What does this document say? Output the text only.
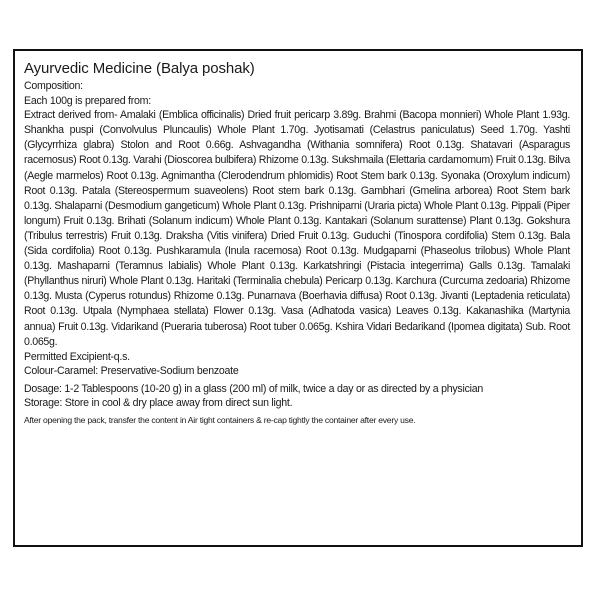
Ayurvedic Medicine (Balya poshak)
Composition:
Each 100g is prepared from:

Extract derived from- Amalaki (Emblica officinalis) Dried fruit pericarp 3.89g. Brahmi (Bacopa monnieri) Whole Plant 1.93g. Shankha puspi (Convolvulus Pluncaulis) Whole Plant 1.70g. Jyotisamati (Celastrus paniculatus) Seed 1.70g. Yashti (Glycyrrhiza glabra) Stolon and Root 0.66g. Ashvagandha (Withania somnifera) Root 0.13g. Shatavari (Asparagus racemosus) Root 0.13g. Varahi (Dioscorea bulbifera) Rhizome 0.13g. Sukshmaila (Elettaria cardamomum) Fruit 0.13g. Bilva (Aegle marmelos) Root 0.13g. Agnimantha (Clerodendrum phlomidis) Root Stem bark 0.13g. Syonaka (Oroxylum indicum) Root 0.13g. Patala (Stereospermum suaveolens) Root stem bark 0.13g. Gambhari (Gmelina arborea) Root Stem bark 0.13g. Shalaparni (Desmodium gangeticum) Whole Plant 0.13g. Prishniparni (Uraria picta) Whole Plant 0.13g. Pippali (Piper longum) Fruit 0.13g. Brihati (Solanum indicum) Whole Plant 0.13g. Kantakari (Solanum surattense) Plant 0.13g. Gokshura (Tribulus terrestris) Fruit 0.13g. Draksha (Vitis vinifera) Dried Fruit 0.13g. Guduchi (Tinospora cordifolia) Stem 0.13g. Bala (Sida cordifolia) Root 0.13g. Pushkaramula (Inula racemosa) Root 0.13g. Mudgaparni (Phaseolus trilobus) Whole Plant 0.13g. Mashaparni (Teramnus labialis) Whole Plant 0.13g. Karkatshringi (Pistacia integerrima) Galls 0.13g. Tamalaki (Phyllanthus niruri) Whole Plant 0.13g. Haritaki (Terminalia chebula) Pericarp 0.13g. Karchura (Curcuma zedoaria) Rhizome 0.13g. Musta (Cyperus rotundus) Rhizome 0.13g. Punarnava (Boerhavia diffusa) Root 0.13g. Jivanti (Leptadenia reticulata) Root 0.13g. Utpala (Nymphaea stellata) Flower 0.13g. Vasa (Adhatoda vasica) Leaves 0.13g. Kakanashika (Martynia annua) Fruit 0.13g. Vidarikand (Pueraria tuberosa) Root tuber 0.065g. Kshira Vidari Bedarikand (Ipomea digitata) Sub. Root 0.065g.

Permitted Excipient-q.s.
Colour-Caramel: Preservative-Sodium benzoate
Dosage: 1-2 Tablespoons (10-20 g) in a glass (200 ml) of milk, twice a day or as directed by a physician
Storage: Store in cool & dry place away from direct sun light.
After opening the pack, transfer the content in Air tight containers & re-cap tightly the container after every use.
